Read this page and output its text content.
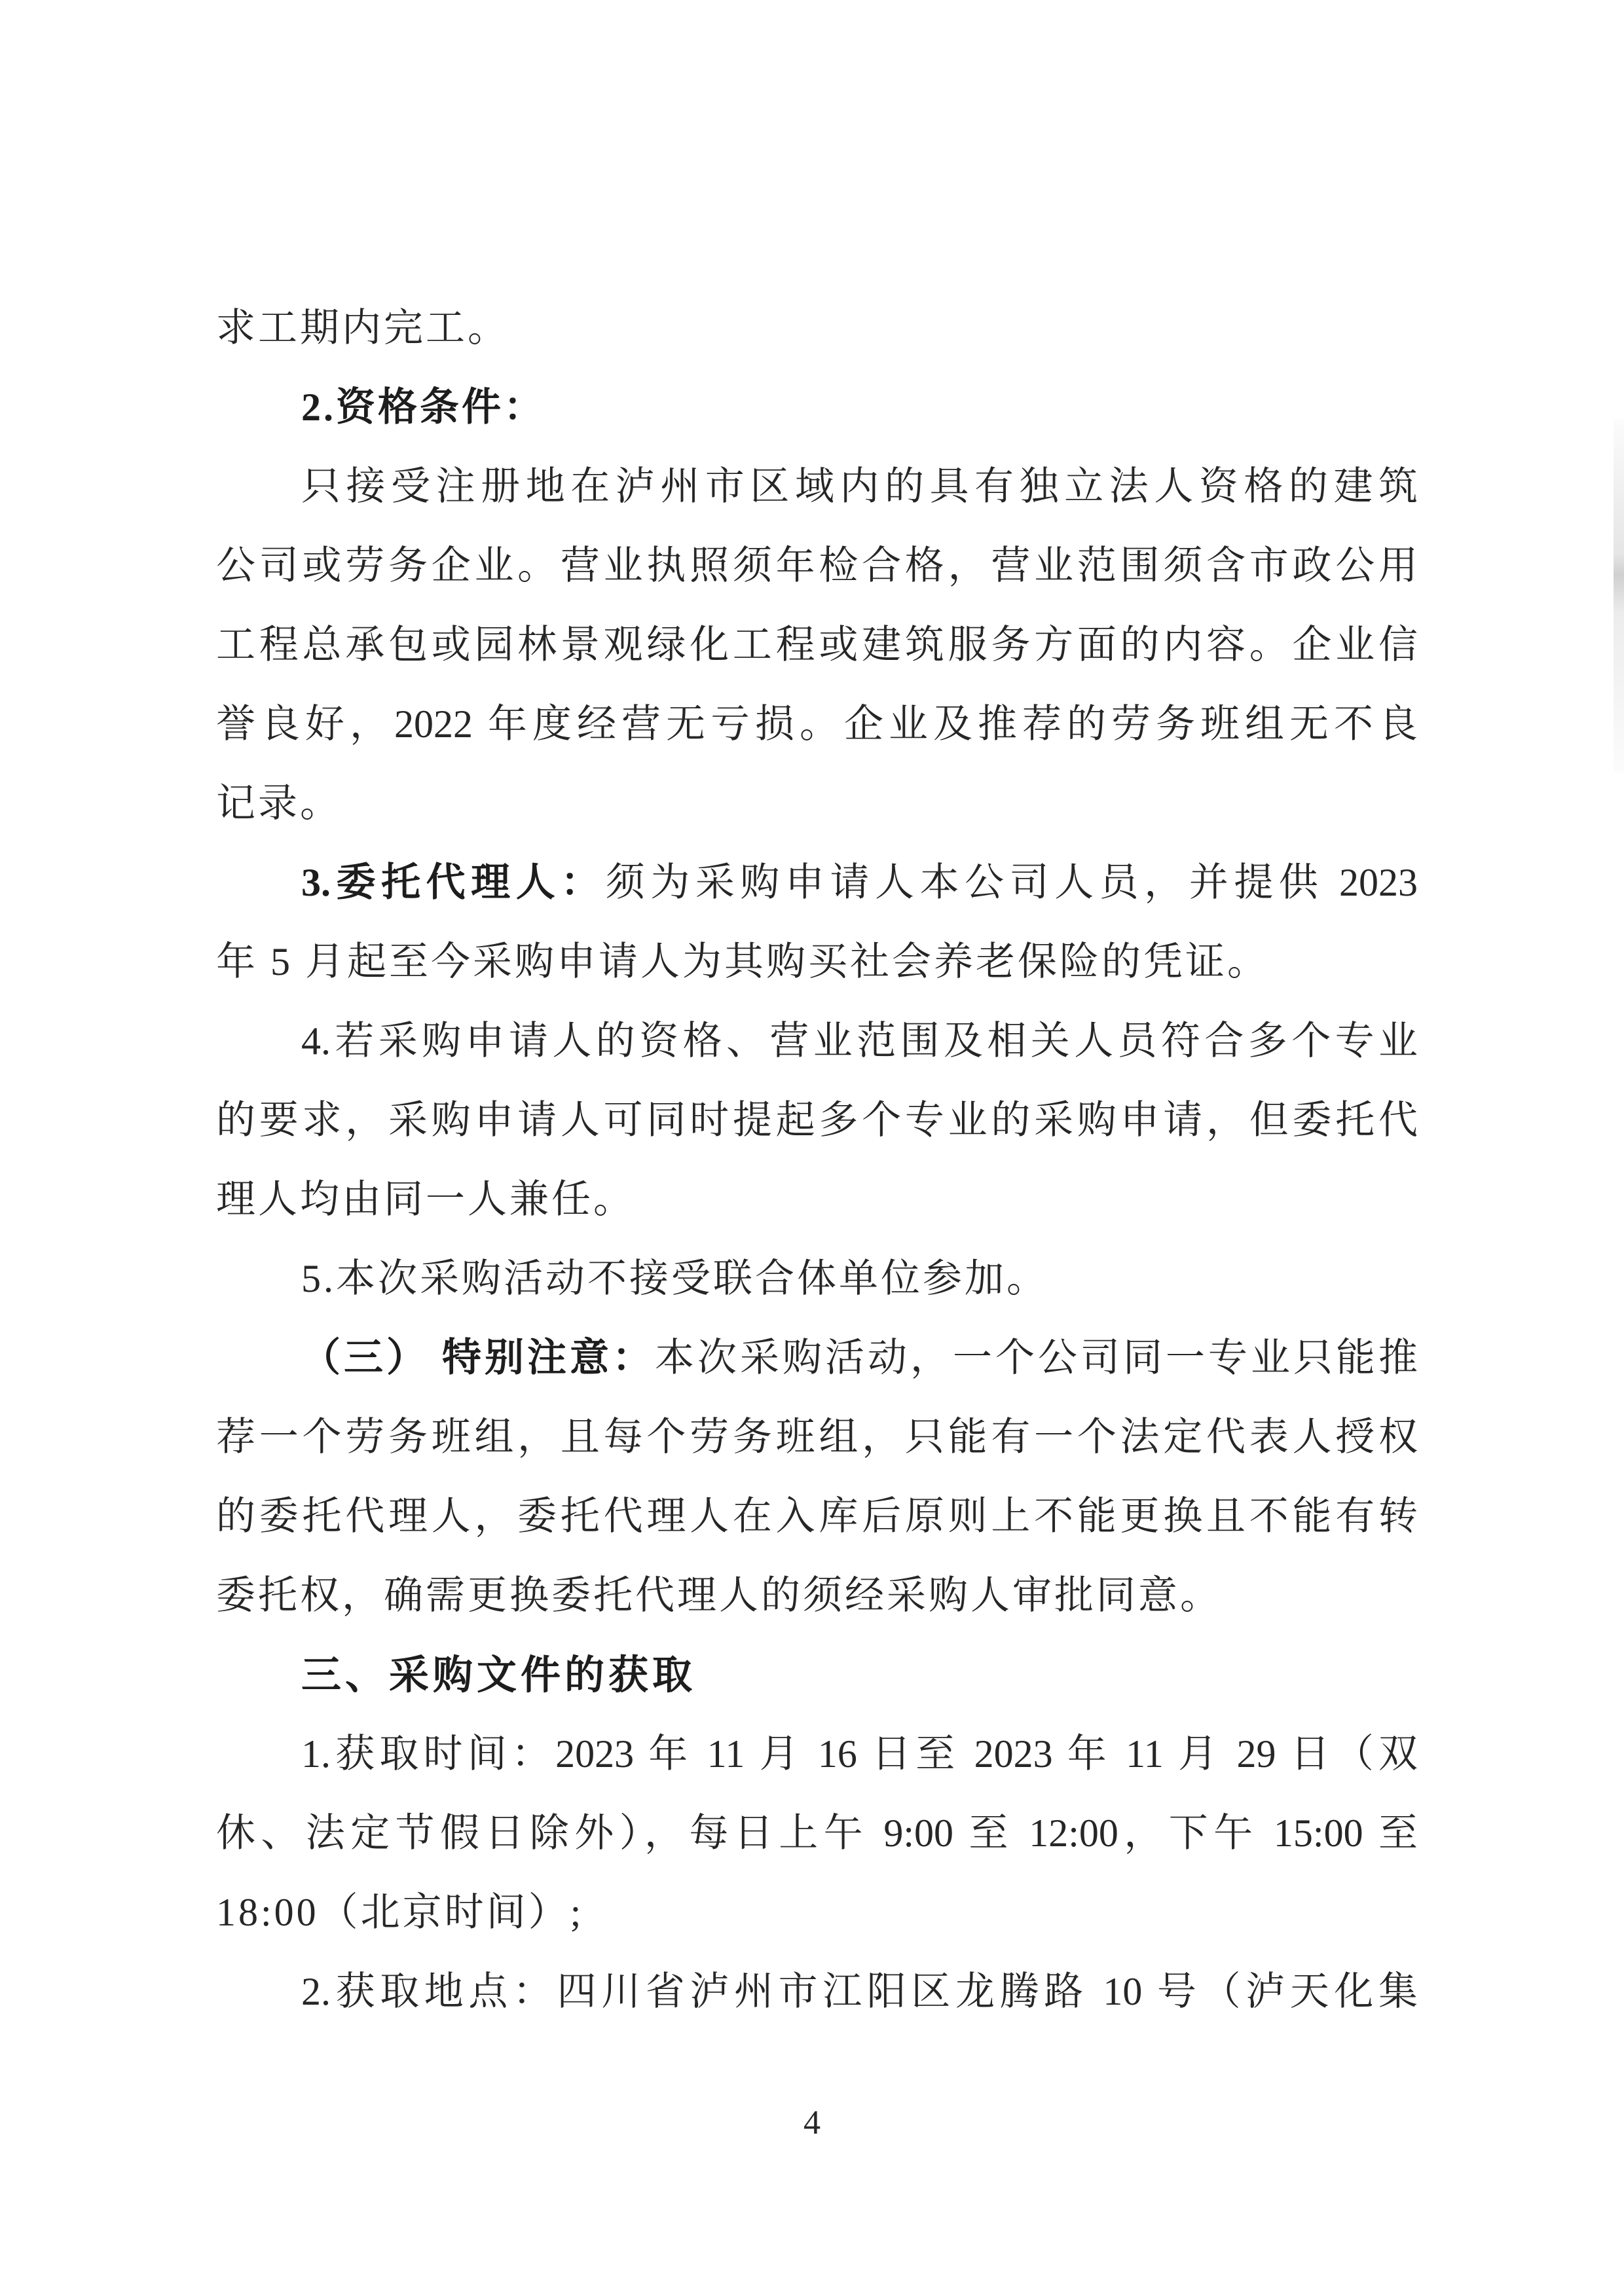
求工期内完工。
2.资格条件：
只接受注册地在泸州市区域内的具有独立法人资格的建筑
公司或劳务企业。营业执照须年检合格，营业范围须含市政公用
工程总承包或园林景观绿化工程或建筑服务方面的内容。企业信
誉良好，2022 年度经营无亏损。企业及推荐的劳务班组无不良
记录。
3.委托代理人：须为采购申请人本公司人员，并提供 2023
年 5 月起至今采购申请人为其购买社会养老保险的凭证。
4.若采购申请人的资格、营业范围及相关人员符合多个专业
的要求，采购申请人可同时提起多个专业的采购申请，但委托代
理人均由同一人兼任。
5.本次采购活动不接受联合体单位参加。
（三） 特别注意：本次采购活动，一个公司同一专业只能推
荐一个劳务班组，且每个劳务班组，只能有一个法定代表人授权
的委托代理人，委托代理人在入库后原则上不能更换且不能有转
委托权，确需更换委托代理人的须经采购人审批同意。
三、采购文件的获取
1.获取时间：2023 年 11 月 16 日至 2023 年 11 月 29 日（双
休、法定节假日除外），每日上午 9:00 至 12:00，下午 15:00 至
18:00（北京时间）;
2.获取地点：四川省泸州市江阳区龙腾路 10 号（泸天化集
4
